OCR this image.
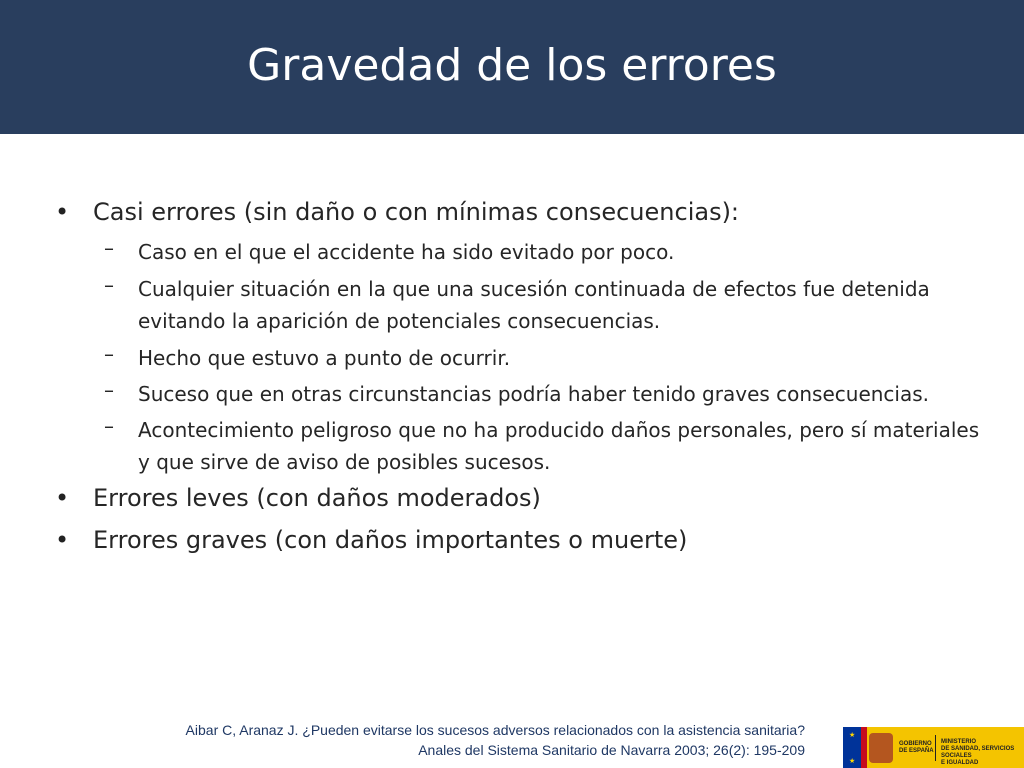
Gravedad de los errores
• Casi errores (sin daño o con mínimas consecuencias):
– Caso en el que el accidente ha sido evitado por poco.
– Cualquier situación en la que una sucesión continuada de efectos fue detenida evitando la aparición de potenciales consecuencias.
– Hecho que estuvo a punto de ocurrir.
– Suceso que en otras circunstancias podría haber tenido graves consecuencias.
– Acontecimiento peligroso que no ha producido daños personales, pero sí materiales y que sirve de aviso de posibles sucesos.
• Errores leves (con daños moderados)
• Errores graves (con daños importantes o muerte)
Aibar C, Aranaz J. ¿Pueden evitarse los sucesos adversos relacionados con la asistencia sanitaria?
Anales del Sistema Sanitario de Navarra 2003; 26(2): 195-209
★
★
GOBIERNO
DE ESPAÑA
MINISTERIO
DE SANIDAD, SERVICIOS SOCIALES
E IGUALDAD
